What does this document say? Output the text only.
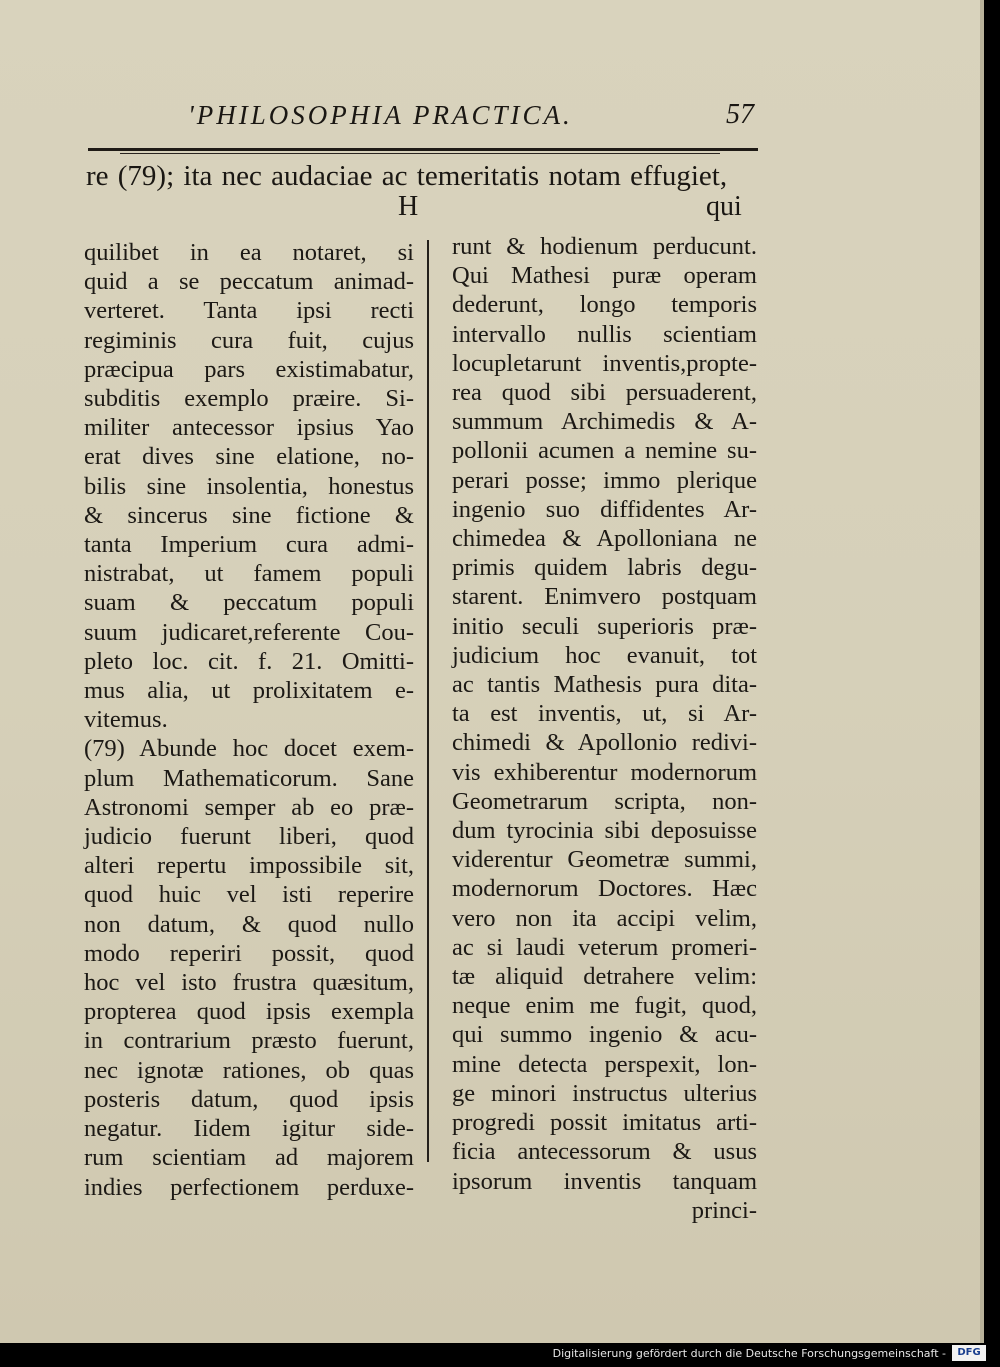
'PHILOSOPHIA PRACTICA.	57
re (79); ita nec audaciae ac temeritatis notam effugiet,
H	qui
quilibet in ea notaret, si
quid a se peccatum animad-
verteret. Tanta ipsi recti
regiminis cura fuit, cujus
præcipua pars existimabatur,
subditis exemplo præire. Si-
militer antecessor ipsius Yao
erat dives sine elatione, no-
bilis sine insolentia, honestus
& sincerus sine fictione &
tanta Imperium cura admi-
nistrabat, ut famem populi
suam & peccatum populi
suum judicaret,referente Cou-
pleto loc. cit. f. 21. Omitti-
mus alia, ut prolixitatem e-
vitemus.
(79) Abunde hoc docet exem-
plum Mathematicorum. Sane
Astronomi semper ab eo præ-
judicio fuerunt liberi, quod
alteri repertu impossibile sit,
quod huic vel isti reperire
non datum, & quod nullo
modo reperiri possit, quod
hoc vel isto frustra quæsitum,
propterea quod ipsis exempla
in contrarium præsto fuerunt,
nec ignotæ rationes, ob quas
posteris datum, quod ipsis
negatur. Iidem igitur side-
rum scientiam ad majorem
indies perfectionem perduxe-
runt & hodienum perducunt.
Qui Mathesi puræ operam
dederunt, longo temporis
intervallo nullis scientiam
locupletarunt inventis,propte-
rea quod sibi persuaderent,
summum Archimedis & A-
pollonii acumen a nemine su-
perari posse; immo plerique
ingenio suo diffidentes Ar-
chimedea & Apolloniana ne
primis quidem labris degu-
starent. Enimvero postquam
initio seculi superioris præ-
judicium hoc evanuit, tot
ac tantis Mathesis pura dita-
ta est inventis, ut, si Ar-
chimedi & Apollonio redivi-
vis exhiberentur modernorum
Geometrarum scripta, non-
dum tyrocinia sibi deposuisse
viderentur Geometræ summi,
modernorum Doctores. Hæc
vero non ita accipi velim,
ac si laudi veterum promeri-
tæ aliquid detrahere velim:
neque enim me fugit, quod,
qui summo ingenio & acu-
mine detecta perspexit, lon-
ge minori instructus ulterius
progredi possit imitatus arti-
ficia antecessorum & usus
ipsorum inventis tanquam
princi-
Digitalisierung gefördert durch die Deutsche Forschungsgemeinschaft -	DFG
